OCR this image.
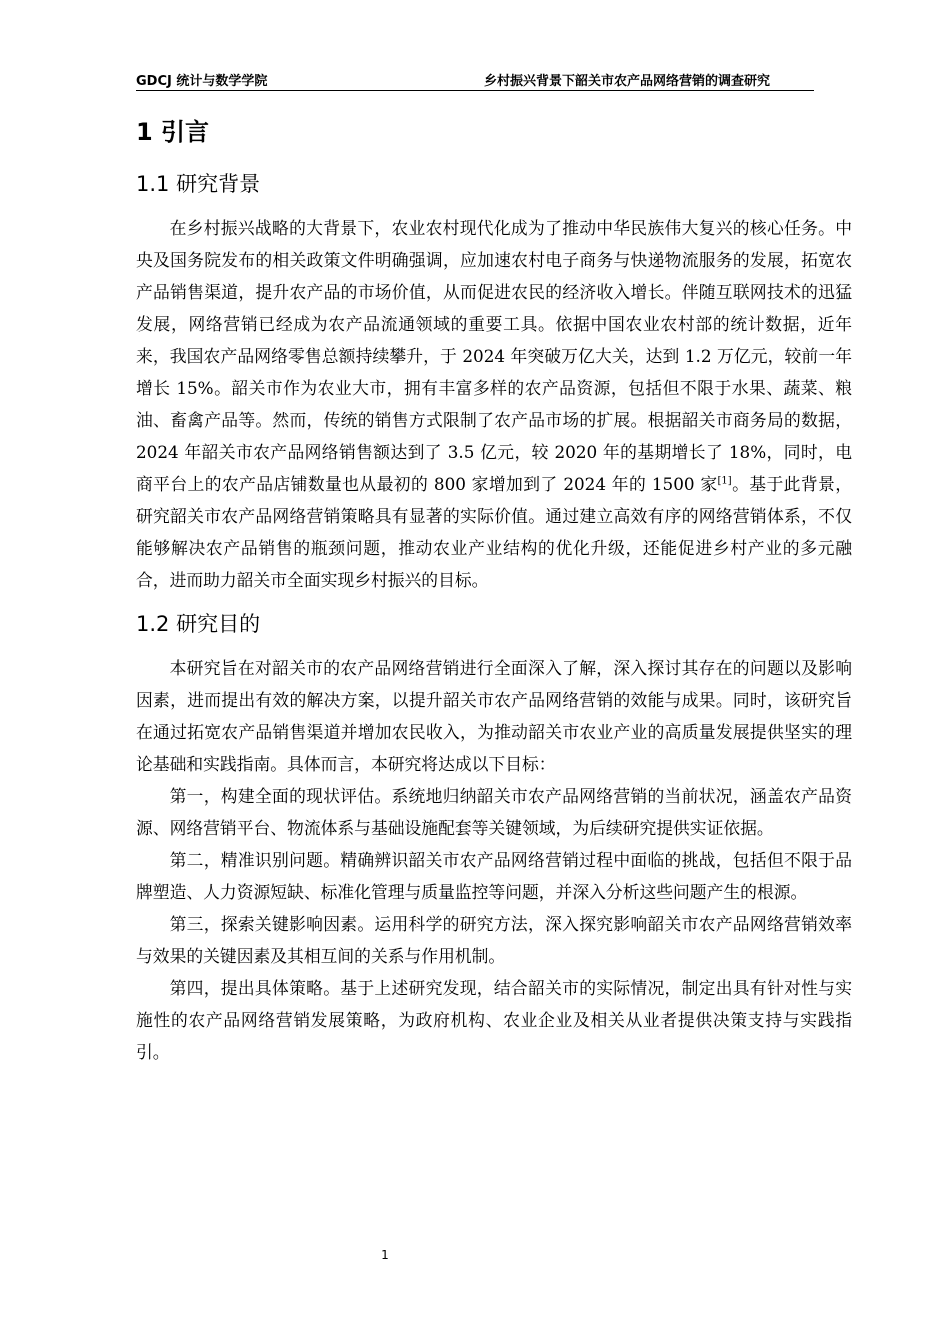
GDCJ 统计与数学学院	乡村振兴背景下韶关市农产品网络营销的调查研究
1 引言
1.1 研究背景

在乡村振兴战略的大背景下，农业农村现代化成为了推动中华民族伟大复兴的核心任务。中央及国务院发布的相关政策文件明确强调，应加速农村电子商务与快递物流服务的发展，拓宽农产品销售渠道，提升农产品的市场价值，从而促进农民的经济收入增长。伴随互联网技术的迅猛发展，网络营销已经成为农产品流通领域的重要工具。依据中国农业农村部的统计数据，近年来，我国农产品网络零售总额持续攀升，于 2024 年突破万亿大关，达到 1.2 万亿元，较前一年增长 15%。韶关市作为农业大市，拥有丰富多样的农产品资源，包括但不限于水果、蔬菜、粮油、畜禽产品等。然而，传统的销售方式限制了农产品市场的扩展。根据韶关市商务局的数据，2024 年韶关市农产品网络销售额达到了 3.5 亿元，较 2020 年的基期增长了 18%，同时，电商平台上的农产品店铺数量也从最初的 800 家增加到了 2024 年的 1500 家[1]。基于此背景，研究韶关市农产品网络营销策略具有显著的实际价值。通过建立高效有序的网络营销体系，不仅能够解决农产品销售的瓶颈问题，推动农业产业结构的优化升级，还能促进乡村产业的多元融合，进而助力韶关市全面实现乡村振兴的目标。

1.2 研究目的

本研究旨在对韶关市的农产品网络营销进行全面深入了解，深入探讨其存在的问题以及影响因素，进而提出有效的解决方案，以提升韶关市农产品网络营销的效能与成果。同时，该研究旨在通过拓宽农产品销售渠道并增加农民收入，为推动韶关市农业产业的高质量发展提供坚实的理论基础和实践指南。具体而言，本研究将达成以下目标：

第一，构建全面的现状评估。系统地归纳韶关市农产品网络营销的当前状况，涵盖农产品资源、网络营销平台、物流体系与基础设施配套等关键领域，为后续研究提供实证依据。

第二，精准识别问题。精确辨识韶关市农产品网络营销过程中面临的挑战，包括但不限于品牌塑造、人力资源短缺、标准化管理与质量监控等问题，并深入分析这些问题产生的根源。

第三，探索关键影响因素。运用科学的研究方法，深入探究影响韶关市农产品网络营销效率与效果的关键因素及其相互间的关系与作用机制。

第四，提出具体策略。基于上述研究发现，结合韶关市的实际情况，制定出具有针对性与实施性的农产品网络营销发展策略，为政府机构、农业企业及相关从业者提供决策支持与实践指引。

1
